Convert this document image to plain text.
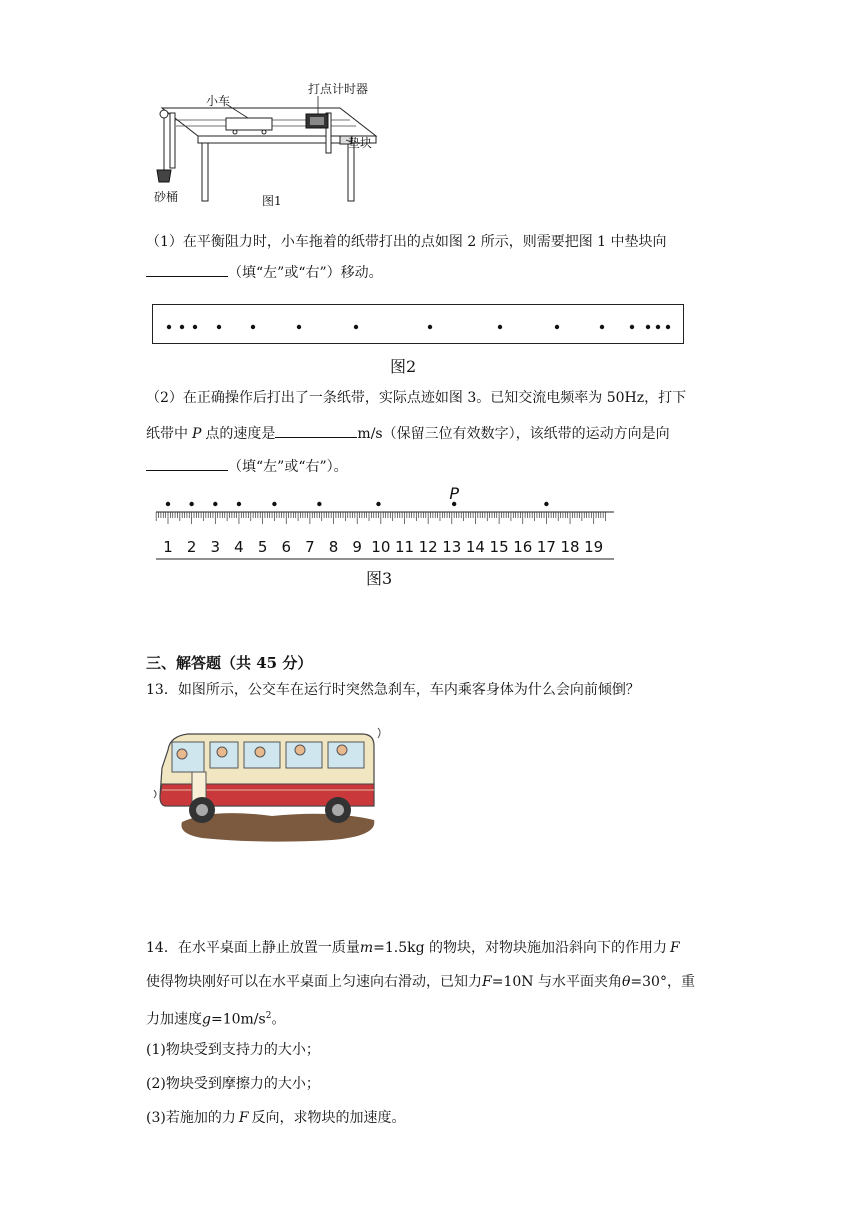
小车
打点计时器
垫块
砂桶	图1
（1）在平衡阻力时，小车拖着的纸带打出的点如图 2 所示，则需要把图 1 中垫块向
（填“左”或“右”）移动。
图2
（2）在正确操作后打出了一条纸带，实际点迹如图 3。已知交流电频率为 50Hz，打下
纸带中 P 点的速度是	m/s（保留三位有效数字），该纸带的运动方向是向
（填“左”或“右”）。
1 2 3 4 5 6 7 8 9 10 11 12 13 14 15 16 17 18 19
P
图3
三、解答题（共 45 分）
13．如图所示，公交车在运行时突然急刹车，车内乘客身体为什么会向前倾倒？
14．在水平桌面上静止放置一质量m=1.5kg 的物块，对物块施加沿斜向下的作用力 F
使得物块刚好可以在水平桌面上匀速向右滑动，已知力F=10N 与水平面夹角θ=30°，重
力加速度$g=10m/s^2$。
(1)物块受到支持力的大小；
(2)物块受到摩擦力的大小；
(3)若施加的力 F 反向，求物块的加速度。
